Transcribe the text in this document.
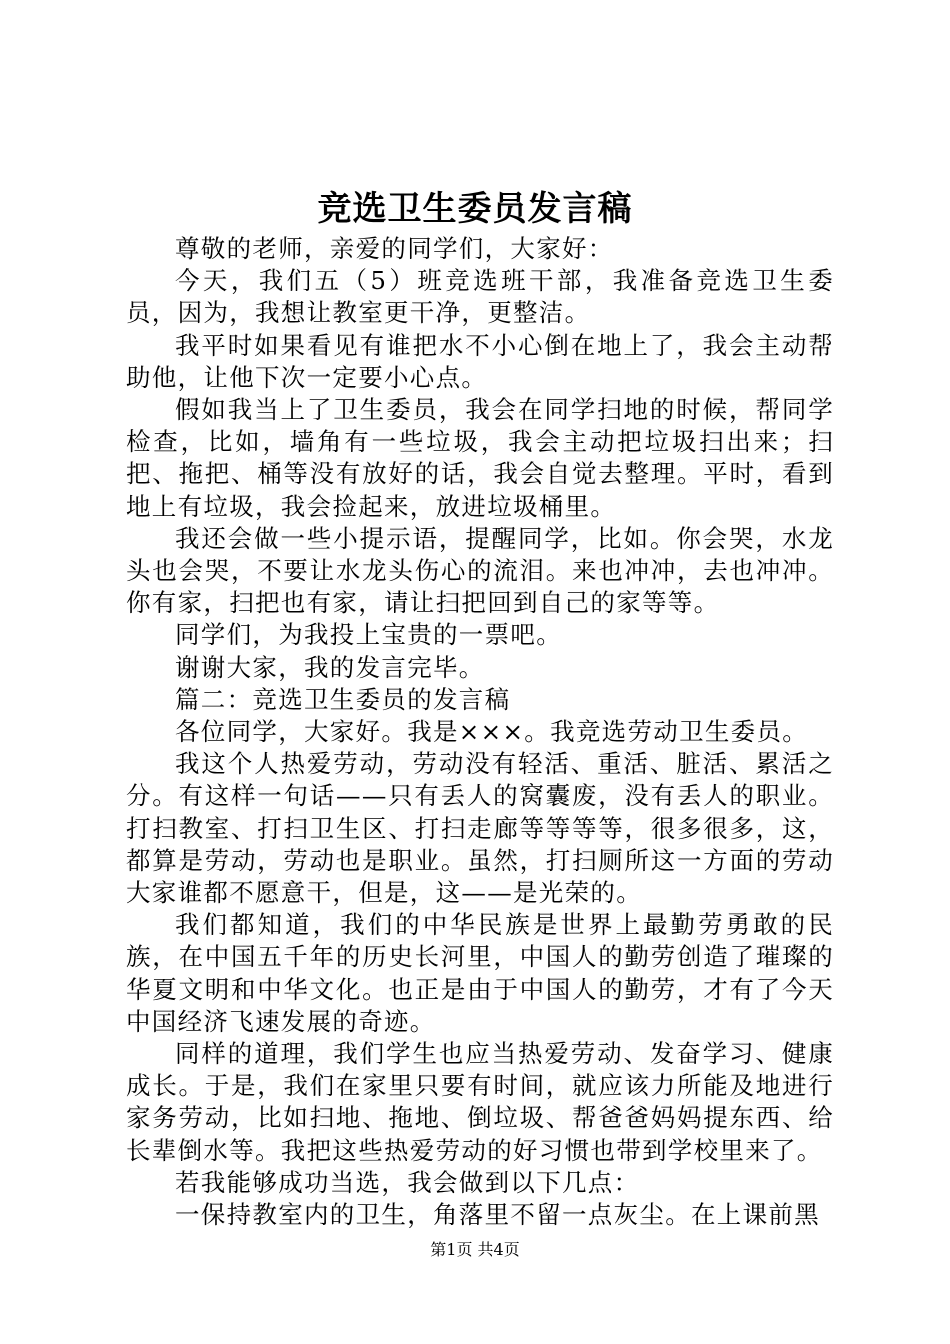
竞选卫生委员发言稿

尊敬的老师，亲爱的同学们，大家好：

今天，我们五（5）班竞选班干部，我准备竞选卫生委员，因为，我想让教室更干净，更整洁。

我平时如果看见有谁把水不小心倒在地上了，我会主动帮助他，让他下次一定要小心点。

假如我当上了卫生委员，我会在同学扫地的时候，帮同学检查，比如，墙角有一些垃圾，我会主动把垃圾扫出来；扫把、拖把、桶等没有放好的话，我会自觉去整理。平时，看到地上有垃圾，我会捡起来，放进垃圾桶里。

我还会做一些小提示语，提醒同学，比如。你会哭，水龙头也会哭，不要让水龙头伤心的流泪。来也冲冲，去也冲冲。你有家，扫把也有家，请让扫把回到自己的家等等。

同学们，为我投上宝贵的一票吧。

谢谢大家，我的发言完毕。

篇二：竞选卫生委员的发言稿

各位同学，大家好。我是×××。我竞选劳动卫生委员。

我这个人热爱劳动，劳动没有轻活、重活、脏活、累活之分。有这样一句话——只有丢人的窝囊废，没有丢人的职业。打扫教室、打扫卫生区、打扫走廊等等等等，很多很多，这，都算是劳动，劳动也是职业。虽然，打扫厕所这一方面的劳动大家谁都不愿意干，但是，这——是光荣的。

我们都知道，我们的中华民族是世界上最勤劳勇敢的民族，在中国五千年的历史长河里，中国人的勤劳创造了璀璨的华夏文明和中华文化。也正是由于中国人的勤劳，才有了今天中国经济飞速发展的奇迹。

同样的道理，我们学生也应当热爱劳动、发奋学习、健康成长。于是，我们在家里只要有时间，就应该力所能及地进行家务劳动，比如扫地、拖地、倒垃圾、帮爸爸妈妈提东西、给长辈倒水等。我把这些热爱劳动的好习惯也带到学校里来了。

若我能够成功当选，我会做到以下几点：

一保持教室内的卫生，角落里不留一点灰尘。在上课前黑

第1页 共4页
